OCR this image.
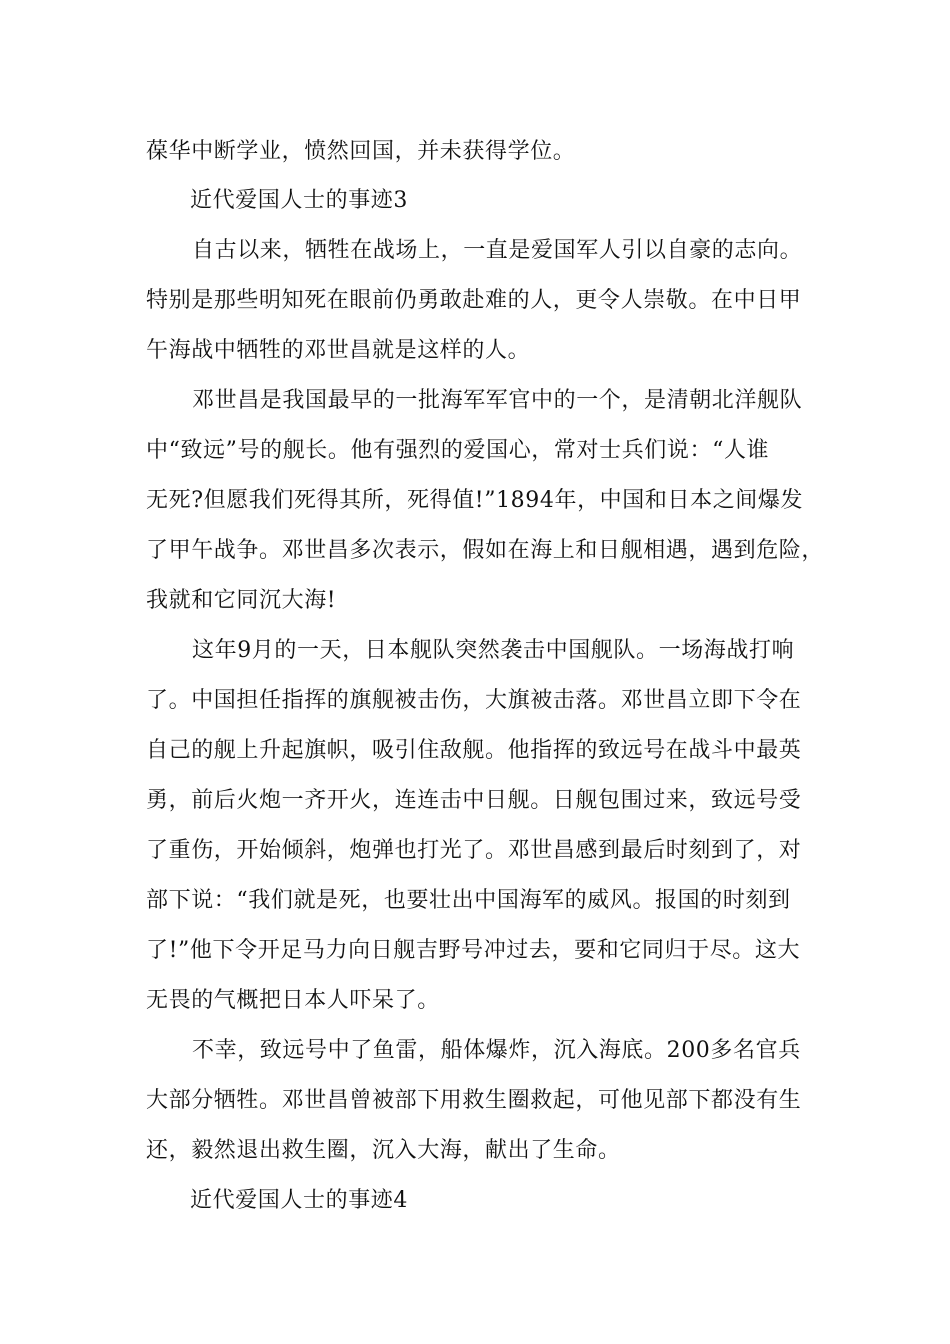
葆华中断学业，愤然回国，并未获得学位。
近代爱国人士的事迹3
自古以来，牺牲在战场上，一直是爱国军人引以自豪的志向。
特别是那些明知死在眼前仍勇敢赴难的人，更令人崇敬。在中日甲
午海战中牺牲的邓世昌就是这样的人。
邓世昌是我国最早的一批海军军官中的一个，是清朝北洋舰队
中“致远”号的舰长。他有强烈的爱国心，常对士兵们说：“人谁
无死?但愿我们死得其所，死得值!”1894年，中国和日本之间爆发
了甲午战争。邓世昌多次表示，假如在海上和日舰相遇，遇到危险，
我就和它同沉大海!
这年9月的一天，日本舰队突然袭击中国舰队。一场海战打响
了。中国担任指挥的旗舰被击伤，大旗被击落。邓世昌立即下令在
自己的舰上升起旗帜，吸引住敌舰。他指挥的致远号在战斗中最英
勇，前后火炮一齐开火，连连击中日舰。日舰包围过来，致远号受
了重伤，开始倾斜，炮弹也打光了。邓世昌感到最后时刻到了，对
部下说：“我们就是死，也要壮出中国海军的威风。报国的时刻到
了!”他下令开足马力向日舰吉野号冲过去，要和它同归于尽。这大
无畏的气概把日本人吓呆了。
不幸，致远号中了鱼雷，船体爆炸，沉入海底。200多名官兵
大部分牺牲。邓世昌曾被部下用救生圈救起，可他见部下都没有生
还，毅然退出救生圈，沉入大海，献出了生命。
近代爱国人士的事迹4
